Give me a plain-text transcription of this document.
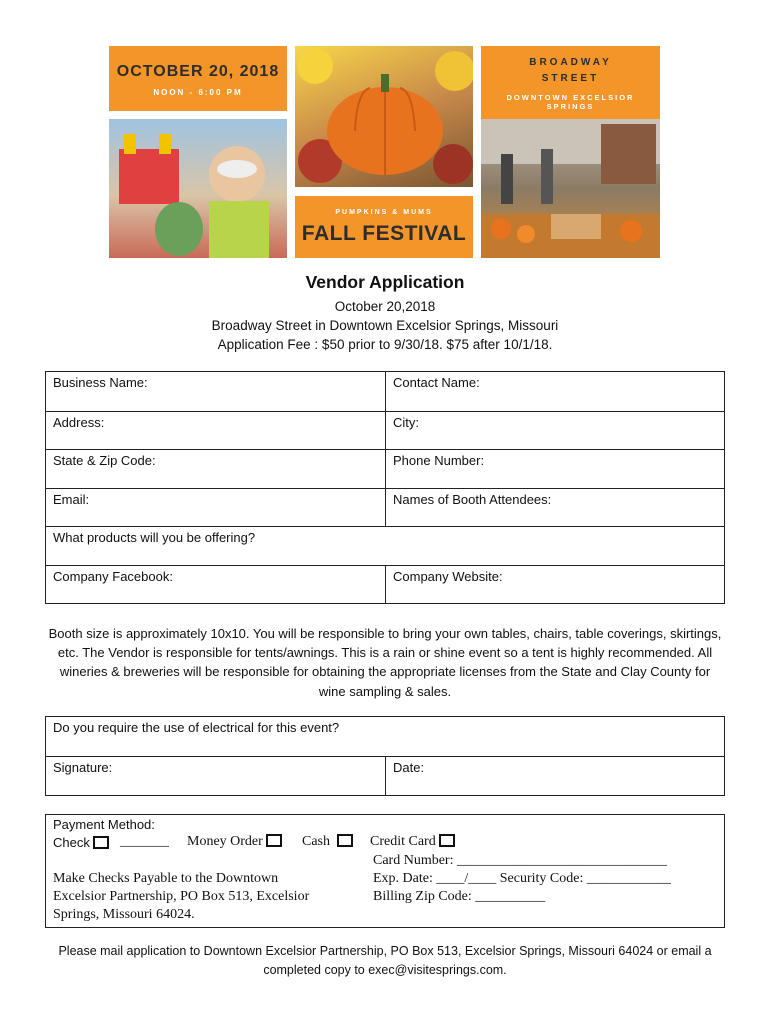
OCTOBER 20, 2018
NOON - 6:00 PM
BROADWAY
STREET
DOWNTOWN EXCELSIOR SPRINGS
PUMPKINS & MUMS
FALL FESTIVAL
Vendor Application
October 20,2018
Broadway Street in Downtown Excelsior Springs, Missouri
Application Fee : $50 prior to 9/30/18. $75 after 10/1/18.
Business Name:	Contact Name:
Address:	City:
State & Zip Code:	Phone Number:
Email:	Names of Booth Attendees:
What products will you be offering?
Company Facebook:	Company Website:
Booth size is approximately 10x10. You will be responsible to bring your own tables, chairs, table coverings, skirtings, etc. The Vendor is responsible for tents/awnings. This is a rain or shine event so a tent is highly recommended. All wineries & breweries will be responsible for obtaining the appropriate licenses from the State and Clay County for wine sampling & sales.
Do you require the use of electrical for this event?
Signature:	Date:
Payment Method:
Check	_______ Money Order	Cash	Credit Card
Card Number: ______________________________
Exp. Date: ____/____ Security Code: ____________
Billing Zip Code: __________
Make Checks Payable to the Downtown
Excelsior Partnership, PO Box 513, Excelsior
Springs, Missouri 64024.
Please mail application to Downtown Excelsior Partnership, PO Box 513, Excelsior Springs, Missouri 64024 or email a
completed copy to exec@visitesprings.com.
